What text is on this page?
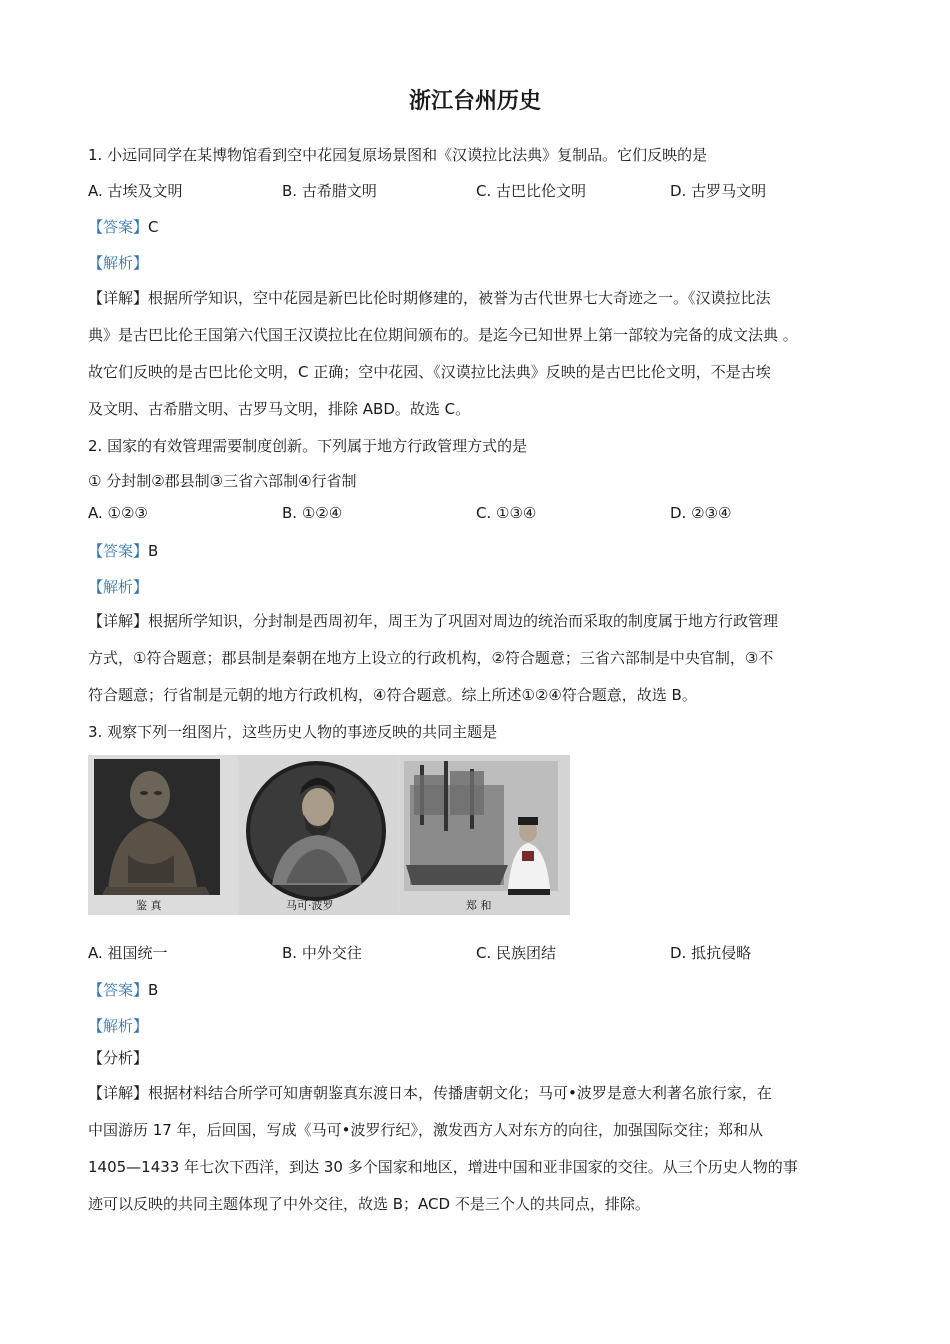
浙江台州历史
1. 小远同同学在某博物馆看到空中花园复原场景图和《汉谟拉比法典》复制品。它们反映的是
A. 古埃及文明	B. 古希腊文明	C. 古巴比伦文明	D. 古罗马文明
【答案】C
【解析】
【详解】根据所学知识，空中花园是新巴比伦时期修建的，被誉为古代世界七大奇迹之一。《汉谟拉比法
典》是古巴比伦王国第六代国王汉谟拉比在位期间颁布的。是迄今已知世界上第一部较为完备的成文法典 。
故它们反映的是古巴比伦文明，C 正确；空中花园、《汉谟拉比法典》反映的是古巴比伦文明，不是古埃
及文明、古希腊文明、古罗马文明，排除 ABD。故选 C。
2. 国家的有效管理需要制度创新。下列属于地方行政管理方式的是
① 分封制②郡县制③三省六部制④行省制
A. ①②③	B. ①②④	C. ①③④	D. ②③④
【答案】B
【解析】
【详解】根据所学知识，分封制是西周初年，周王为了巩固对周边的统治而采取的制度属于地方行政管理
方式，①符合题意；郡县制是秦朝在地方上设立的行政机构，②符合题意；三省六部制是中央官制，③不
符合题意；行省制是元朝的地方行政机构，④符合题意。综上所述①②④符合题意，故选 B。
3. 观察下列一组图片，这些历史人物的事迹反映的共同主题是
鉴 真	马可·波罗	郑 和
A. 祖国统一	B. 中外交往	C. 民族团结	D. 抵抗侵略
【答案】B
【解析】
【分析】
【详解】根据材料结合所学可知唐朝鉴真东渡日本，传播唐朝文化；马可•波罗是意大利著名旅行家，在
中国游历 17 年，后回国，写成《马可•波罗行纪》，激发西方人对东方的向往，加强国际交往；郑和从
1405—1433 年七次下西洋，到达 30 多个国家和地区，增进中国和亚非国家的交往。从三个历史人物的事
迹可以反映的共同主题体现了中外交往，故选 B；ACD 不是三个人的共同点，排除。
